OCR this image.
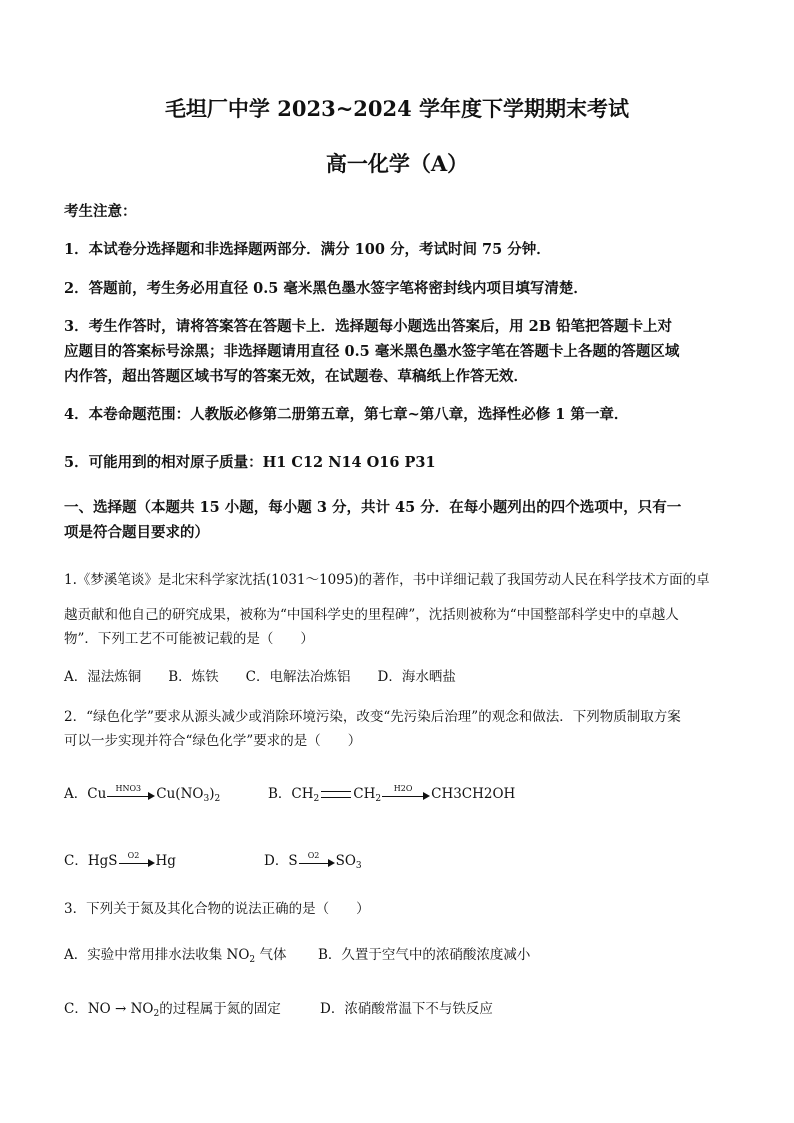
毛坦厂中学 2023~2024 学年度下学期期末考试
高一化学（A）
考生注意：
1．本试卷分选择题和非选择题两部分．满分 100 分，考试时间 75 分钟．
2．答题前，考生务必用直径 0.5 毫米黑色墨水签字笔将密封线内项目填写清楚．
3．考生作答时，请将答案答在答题卡上．选择题每小题选出答案后，用 2B 铅笔把答题卡上对
应题目的答案标号涂黑；非选择题请用直径 0.5 毫米黑色墨水签字笔在答题卡上各题的答题区域
内作答，超出答题区域书写的答案无效，在试题卷、草稿纸上作答无效．
4．本卷命题范围：人教版必修第二册第五章，第七章~第八章，选择性必修 1 第一章．
5．可能用到的相对原子质量：H1 C12 N14 O16 P31
一、选择题（本题共 15 小题，每小题 3 分，共计 45 分．在每小题列出的四个选项中，只有一
项是符合题目要求的）
1.《梦溪笔谈》是北宋科学家沈括(1031～1095)的著作，书中详细记载了我国劳动人民在科学技术方面的卓
越贡献和他自己的研究成果，被称为“中国科学史的里程碑”，沈括则被称为“中国整部科学史中的卓越人
物”．下列工艺不可能被记载的是（　　）
A．湿法炼铜　　B．炼铁　　C．电解法冶炼铝　　D．海水晒盐
2．“绿色化学”要求从源头减少或消除环境污染，改变“先污染后治理”的观念和做法．下列物质制取方案
可以一步实现并符合“绿色化学”要求的是（　　）
A．Cu	HNO3	$Cu(NO_3)_2$	B．$CH_2$	$CH_2$
H2O	CH3CH2OH
C．HgS	O2	Hg	D．S	O2	$SO_3$
3．下列关于氮及其化合物的说法正确的是（　　）
A．实验中常用排水法收集 $NO_2$ 气体 B．久置于空气中的浓硝酸浓度减小
C．NO → $NO_2$的过程属于氮的固定	D．浓硝酸常温下不与铁反应
